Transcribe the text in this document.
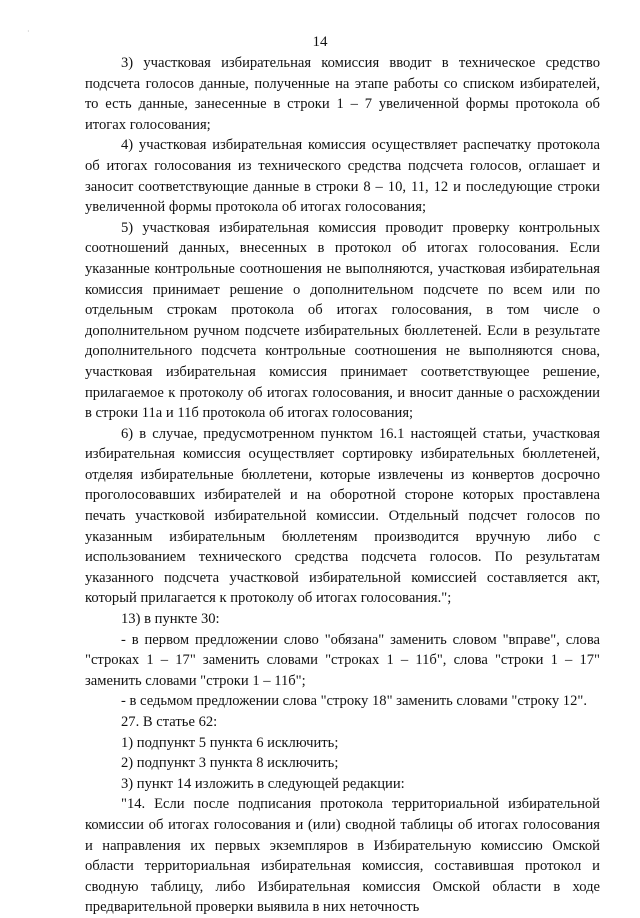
·
14

3) участковая избирательная комиссия вводит в техническое средство подсчета голосов данные, полученные на этапе работы со списком избирателей, то есть данные, занесенные в строки 1 – 7 увеличенной формы протокола об итогах голосования;

4) участковая избирательная комиссия осуществляет распечатку протокола об итогах голосования из технического средства подсчета голосов, оглашает и заносит соответствующие данные в строки 8 – 10, 11, 12 и последующие строки увеличенной формы протокола об итогах голосования;

5) участковая избирательная комиссия проводит проверку контрольных соотношений данных, внесенных в протокол об итогах голосования. Если указанные контрольные соотношения не выполняются, участковая избирательная комиссия принимает решение о дополнительном подсчете по всем или по отдельным строкам протокола об итогах голосования, в том числе о дополнительном ручном подсчете избирательных бюллетеней. Если в результате дополнительного подсчета контрольные соотношения не выполняются снова, участковая избирательная комиссия принимает соответствующее решение, прилагаемое к протоколу об итогах голосования, и вносит данные о расхождении в строки 11а и 11б протокола об итогах голосования;

6) в случае, предусмотренном пунктом 16.1 настоящей статьи, участковая избирательная комиссия осуществляет сортировку избирательных бюллетеней, отделяя избирательные бюллетени, которые извлечены из конвертов досрочно проголосовавших избирателей и на оборотной стороне которых проставлена печать участковой избирательной комиссии. Отдельный подсчет голосов по указанным избирательным бюллетеням производится вручную либо с использованием технического средства подсчета голосов. По результатам указанного подсчета участковой избирательной комиссией составляется акт, который прилагается к протоколу об итогах голосования.";

13) в пункте 30:

- в первом предложении слово "обязана" заменить словом "вправе", слова "строках 1 – 17" заменить словами "строках 1 – 11б", слова "строки 1 – 17" заменить словами "строки 1 – 11б";

- в седьмом предложении слова "строку 18" заменить словами "строку 12".

27. В статье 62:

1) подпункт 5 пункта 6 исключить;

2) подпункт 3 пункта 8 исключить;

3) пункт 14 изложить в следующей редакции:

"14. Если после подписания протокола территориальной избирательной комиссии об итогах голосования и (или) сводной таблицы об итогах голосования и направления их первых экземпляров в Избирательную комиссию Омской области территориальная избирательная комиссия, составившая протокол и сводную таблицу, либо Избирательная комиссия Омской области в ходе предварительной проверки выявила в них неточность
